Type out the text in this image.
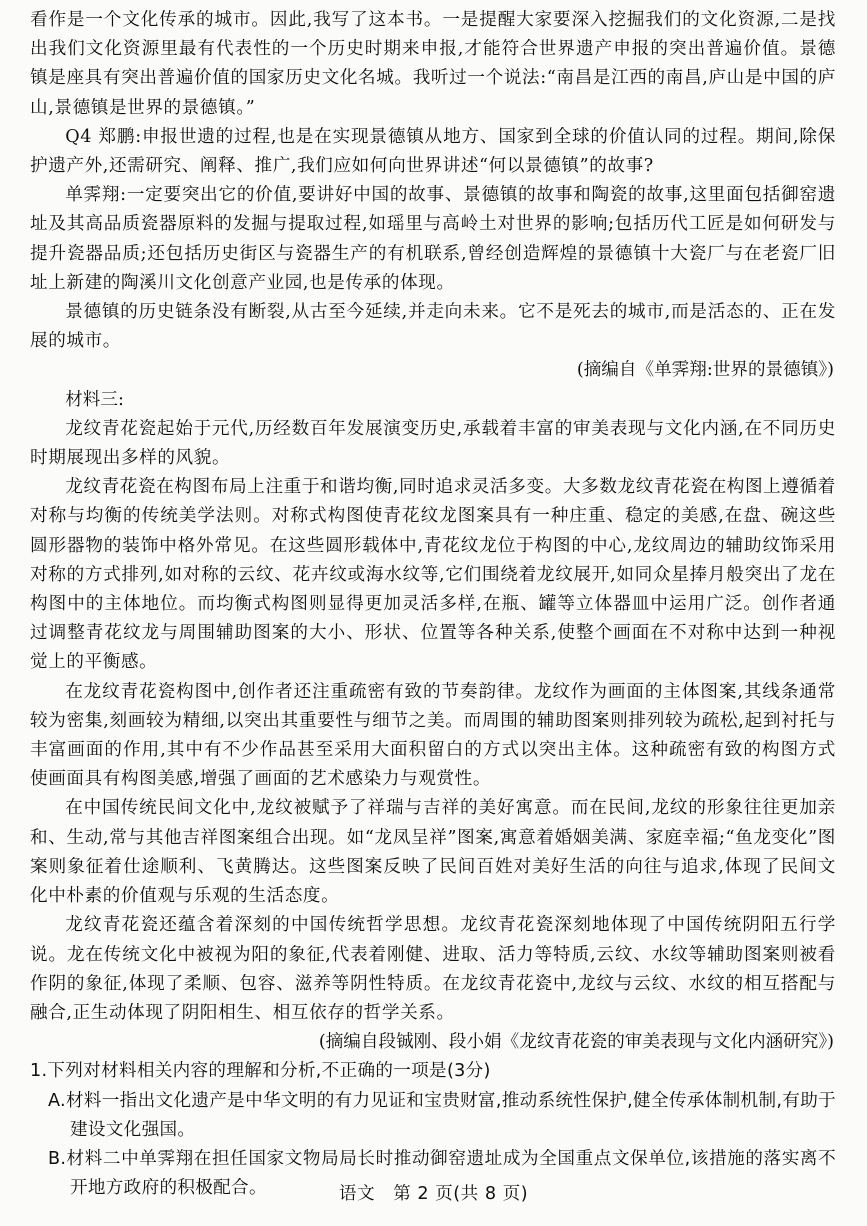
看作是一个文化传承的城市。因此,我写了这本书。一是提醒大家要深入挖掘我们的文化资源,二是找出我们文化资源里最有代表性的一个历史时期来申报,才能符合世界遗产申报的突出普遍价值。景德镇是座具有突出普遍价值的国家历史文化名城。我听过一个说法:“南昌是江西的南昌,庐山是中国的庐山,景德镇是世界的景德镇。”

Q4 郑鹏:申报世遗的过程,也是在实现景德镇从地方、国家到全球的价值认同的过程。期间,除保护遗产外,还需研究、阐释、推广,我们应如何向世界讲述“何以景德镇”的故事?

单霁翔:一定要突出它的价值,要讲好中国的故事、景德镇的故事和陶瓷的故事,这里面包括御窑遗址及其高品质瓷器原料的发掘与提取过程,如瑶里与高岭土对世界的影响;包括历代工匠是如何研发与提升瓷器品质;还包括历史街区与瓷器生产的有机联系,曾经创造辉煌的景德镇十大瓷厂与在老瓷厂旧址上新建的陶溪川文化创意产业园,也是传承的体现。

景德镇的历史链条没有断裂,从古至今延续,并走向未来。它不是死去的城市,而是活态的、正在发展的城市。

(摘编自《单霁翔:世界的景德镇》)

材料三:

龙纹青花瓷起始于元代,历经数百年发展演变历史,承载着丰富的审美表现与文化内涵,在不同历史时期展现出多样的风貌。

龙纹青花瓷在构图布局上注重于和谐均衡,同时追求灵活多变。大多数龙纹青花瓷在构图上遵循着对称与均衡的传统美学法则。对称式构图使青花纹龙图案具有一种庄重、稳定的美感,在盘、碗这些圆形器物的装饰中格外常见。在这些圆形载体中,青花纹龙位于构图的中心,龙纹周边的辅助纹饰采用对称的方式排列,如对称的云纹、花卉纹或海水纹等,它们围绕着龙纹展开,如同众星捧月般突出了龙在构图中的主体地位。而均衡式构图则显得更加灵活多样,在瓶、罐等立体器皿中运用广泛。创作者通过调整青花纹龙与周围辅助图案的大小、形状、位置等各种关系,使整个画面在不对称中达到一种视觉上的平衡感。

在龙纹青花瓷构图中,创作者还注重疏密有致的节奏韵律。龙纹作为画面的主体图案,其线条通常较为密集,刻画较为精细,以突出其重要性与细节之美。而周围的辅助图案则排列较为疏松,起到衬托与丰富画面的作用,其中有不少作品甚至采用大面积留白的方式以突出主体。这种疏密有致的构图方式使画面具有构图美感,增强了画面的艺术感染力与观赏性。

在中国传统民间文化中,龙纹被赋予了祥瑞与吉祥的美好寓意。而在民间,龙纹的形象往往更加亲和、生动,常与其他吉祥图案组合出现。如“龙凤呈祥”图案,寓意着婚姻美满、家庭幸福;“鱼龙变化”图案则象征着仕途顺利、飞黄腾达。这些图案反映了民间百姓对美好生活的向往与追求,体现了民间文化中朴素的价值观与乐观的生活态度。

龙纹青花瓷还蕴含着深刻的中国传统哲学思想。龙纹青花瓷深刻地体现了中国传统阴阳五行学说。龙在传统文化中被视为阳的象征,代表着刚健、进取、活力等特质,云纹、水纹等辅助图案则被看作阴的象征,体现了柔顺、包容、滋养等阴性特质。在龙纹青花瓷中,龙纹与云纹、水纹的相互搭配与融合,正生动体现了阴阳相生、相互依存的哲学关系。

(摘编自段铖刚、段小娟《龙纹青花瓷的审美表现与文化内涵研究》)

1.下列对材料相关内容的理解和分析,不正确的一项是(3分)

A.材料一指出文化遗产是中华文明的有力见证和宝贵财富,推动系统性保护,健全传承体制机制,有助于建设文化强国。

B.材料二中单霁翔在担任国家文物局局长时推动御窑遗址成为全国重点文保单位,该措施的落实离不开地方政府的积极配合。	语文　第 2 页(共 8 页)
